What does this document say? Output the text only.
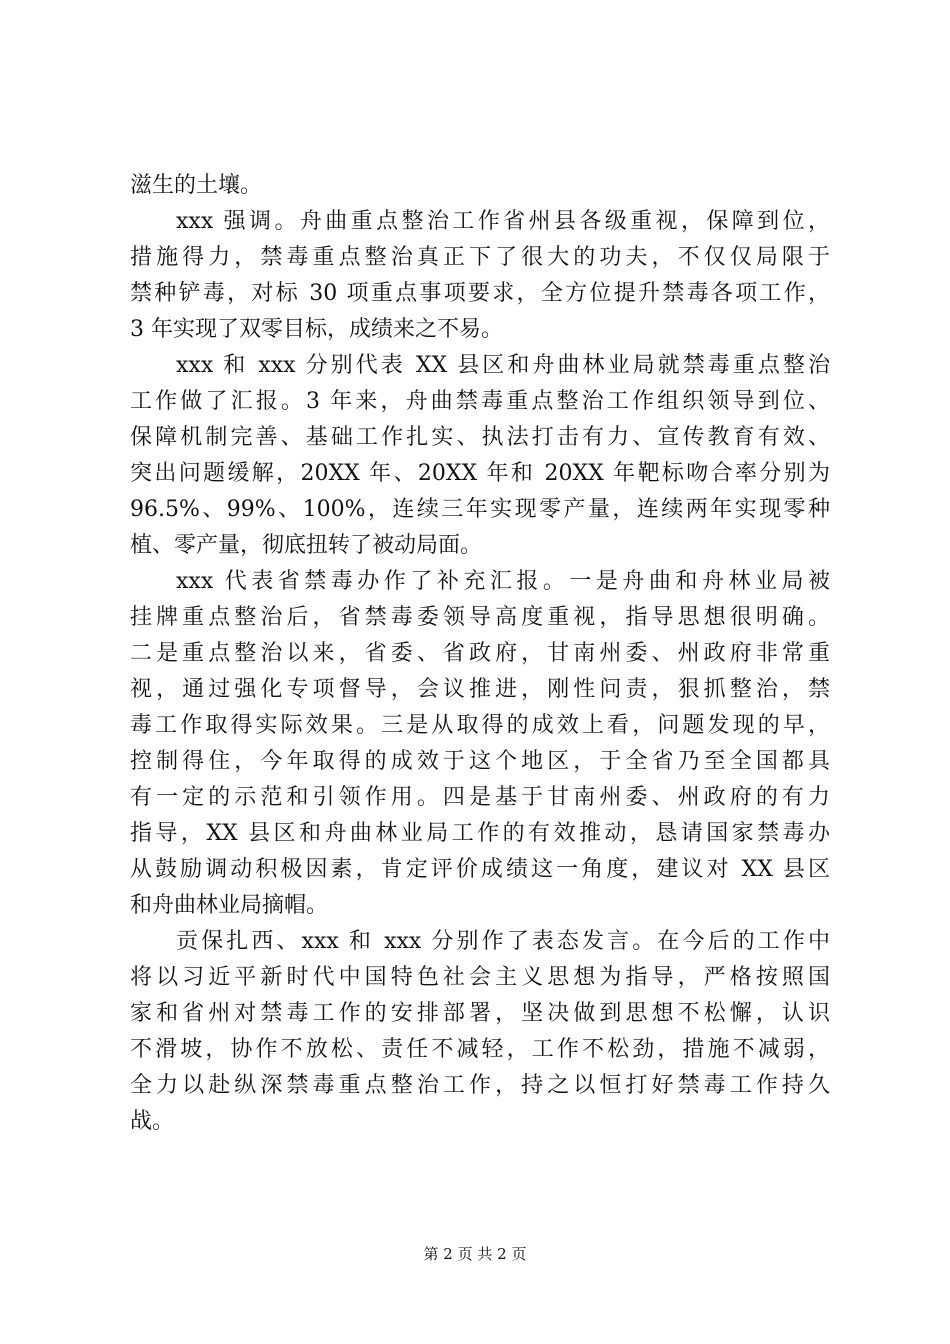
滋生的土壤。
xxx 强调。舟曲重点整治工作省州县各级重视，保障到位，
措施得力，禁毒重点整治真正下了很大的功夫，不仅仅局限于
禁种铲毒，对标 30 项重点事项要求，全方位提升禁毒各项工作，
3 年实现了双零目标，成绩来之不易。
xxx 和 xxx 分别代表 XX 县区和舟曲林业局就禁毒重点整治
工作做了汇报。3 年来，舟曲禁毒重点整治工作组织领导到位、
保障机制完善、基础工作扎实、执法打击有力、宣传教育有效、
突出问题缓解，20XX 年、20XX 年和 20XX 年靶标吻合率分别为
96.5%、99%、100%，连续三年实现零产量，连续两年实现零种
植、零产量，彻底扭转了被动局面。
xxx 代表省禁毒办作了补充汇报。一是舟曲和舟林业局被
挂牌重点整治后，省禁毒委领导高度重视，指导思想很明确。
二是重点整治以来，省委、省政府，甘南州委、州政府非常重
视，通过强化专项督导，会议推进，刚性问责，狠抓整治，禁
毒工作取得实际效果。三是从取得的成效上看，问题发现的早，
控制得住，今年取得的成效于这个地区，于全省乃至全国都具
有一定的示范和引领作用。四是基于甘南州委、州政府的有力
指导，XX 县区和舟曲林业局工作的有效推动，恳请国家禁毒办
从鼓励调动积极因素，肯定评价成绩这一角度，建议对 XX 县区
和舟曲林业局摘帽。
贡保扎西、xxx 和 xxx 分别作了表态发言。在今后的工作中
将以习近平新时代中国特色社会主义思想为指导，严格按照国
家和省州对禁毒工作的安排部署，坚决做到思想不松懈，认识
不滑坡，协作不放松、责任不减轻，工作不松劲，措施不减弱，
全力以赴纵深禁毒重点整治工作，持之以恒打好禁毒工作持久
战。
第 2 页 共 2 页
